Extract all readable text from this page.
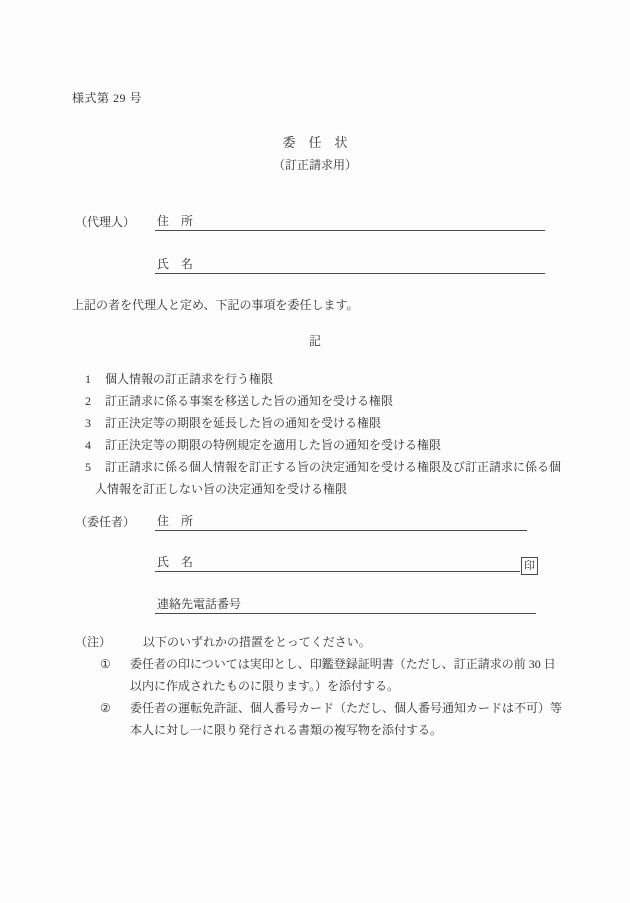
様式第 29 号
委　任　状
（訂正請求用）
（代理人）	住　所
氏　名
上記の者を代理人と定め、下記の事項を委任します。
記
1 個人情報の訂正請求を行う権限
2 訂正請求に係る事案を移送した旨の通知を受ける権限
3 訂正決定等の期限を延長した旨の通知を受ける権限
4 訂正決定等の期限の特例規定を適用した旨の通知を受ける権限
5 訂正請求に係る個人情報を訂正する旨の決定通知を受ける権限及び訂正請求に係る個人情報を訂正しない旨の決定通知を受ける権限
（委任者）	住　所
氏　名	印
連絡先電話番号
（注）	以下のいずれかの措置をとってください。
① 委任者の印については実印とし、印鑑登録証明書（ただし、訂正請求の前 30 日以内に作成されたものに限ります。）を添付する。
② 委任者の運転免許証、個人番号カード（ただし、個人番号通知カードは不可）等本人に対し一に限り発行される書類の複写物を添付する。
